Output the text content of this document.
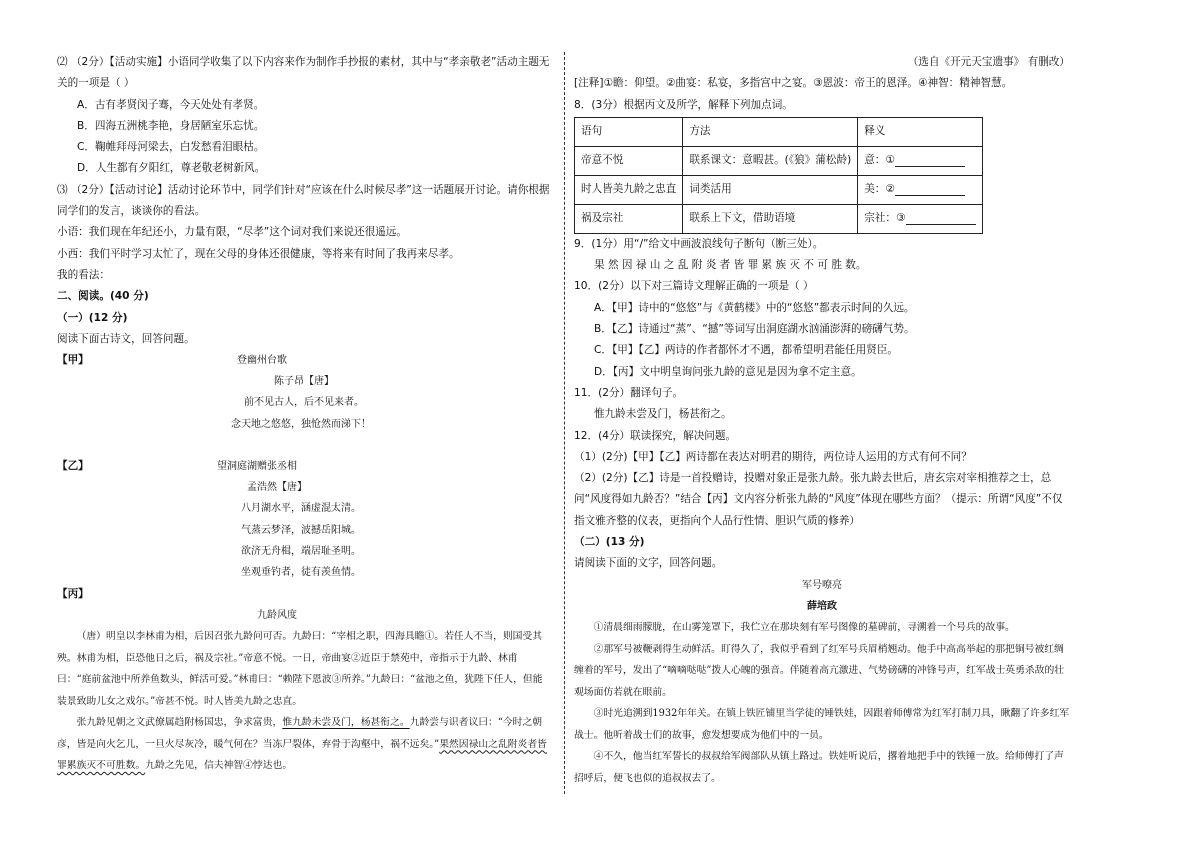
⑵ （2分）【活动实施】小语同学收集了以下内容来作为制作手抄报的素材，其中与“孝亲敬老”活动主题无

关的一项是（ ）

A．古有孝贤闵子骞，今天处处有孝贤。

B．四海五洲桃李艳，身居陋室乐忘忧。

C．鞠帷拜母河梁去，白发愁看泪眼枯。

D．人生都有夕阳红，尊老敬老树新风。

⑶ （2分）【活动讨论】活动讨论环节中，同学们针对“应该在什么时候尽孝”这一话题展开讨论。请你根据

同学们的发言，谈谈你的看法。

小语：我们现在年纪还小，力量有限，“尽孝”这个词对我们来说还很遥远。

小西：我们平时学习太忙了，现在父母的身体还很健康，等将来有时间了我再来尽孝。

我的看法：

二、阅读。(40 分)

（一）(12 分)

阅读下面古诗文，回答问题。

【甲】	登幽州台歌

陈子昂【唐】

前不见古人，后不见来者。

念天地之悠悠，独怆然而涕下！

【乙】	望洞庭湖赠张丞相

孟浩然【唐】

八月湖水平，涵虚混太清。

气蒸云梦泽，波撼岳阳城。

欲济无舟楫，端居耻圣明。

坐观垂钓者，徒有羡鱼情。

【丙】

九龄风度

（唐）明皇以李林甫为相，后因召张九龄问可否。九龄曰：“宰相之职，四海具瞻①。若任人不当，则国受其殃。林甫为相，臣恐他日之后，祸及宗社。”帝意不悦。一日，帝曲宴②近臣于禁苑中，帝指示于九龄、林甫曰：“庭前盆池中所养鱼数头，鲜活可爱。”林甫曰：“赖陛下恩波③所养。”九龄曰：“盆池之鱼，犹陛下任人，但能装景致助儿女之戏尔。”帝甚不悦。时人皆美九龄之忠直。

张九龄见朝之文武僚属趋附杨国忠，争求富贵，惟九龄未尝及门，杨甚衔之。九龄尝与识者议曰：“今时之朝彦，皆是向火乞儿，一旦火尽灰冷，暖气何在？当冻尸裂体，弃骨于沟壑中，祸不远矣。”果然因禄山之乱附炎者皆罪累族灭不可胜数。九龄之先见，信夫神智④悖达也。

（选自《开元天宝遗事》 有删改）

[注释]①瞻：仰望。②曲宴：私宴，多指宫中之宴。③恩波：帝王的恩泽。④神智：精神智慧。

8．(3分）根据丙文及所学，解释下列加点词。

语句	方法	释义
帝意不悦	联系课文：意暇甚。(《狼》蒲松龄)	意：①
时人皆美九龄之忠直	词类活用	美：②
祸及宗社	联系上下文，借助语境	宗社：③

9．(1分）用“/”给文中画波浪线句子断句（断三处）。

果 然 因 禄 山 之 乱 附 炎 者 皆 罪 累 族 灭 不 可 胜 数。

10．(2分）以下对三篇诗文理解正确的一项是（ ）

A．【甲】诗中的“悠悠”与《黄鹤楼》中的“悠悠”都表示时间的久远。

B．【乙】诗通过“蒸”、“撼”等词写出洞庭湖水汹涌澎湃的磅礴气势。

C．【甲】【乙】两诗的作者都怀才不遇，都希望明君能任用贤臣。

D．【丙】文中明皇询问张九龄的意见是因为拿不定主意。

11．(2分）翻译句子。

惟九龄未尝及门，杨甚衔之。

12．(4分）联读探究，解决问题。

（1）(2分)【甲】【乙】两诗都在表达对明君的期待，两位诗人运用的方式有何不同？

（2）(2分)【乙】诗是一首投赠诗，投赠对象正是张九龄。张九龄去世后，唐玄宗对宰相推荐之士，总问“风度得如九龄否？”结合【丙】文内容分析张九龄的“风度”体现在哪些方面？（提示：所谓“风度”不仅指文雅齐整的仪表，更指向个人品行性情、胆识气质的修养）

（二）(13 分)

请阅读下面的文字，回答问题。

军号嘹亮

薛培政

①清晨细雨朦胧，在山雾笼罩下，我伫立在那块刻有军号图像的墓碑前，寻溯着一个号兵的故事。

②那军号被鞭剥得生动鲜活。盯得久了，我似乎看到了红军号兵眉梢翘动。他手中高高举起的那把铜号被红绸缠着的军号，发出了“嘀嘀哒哒”拨人心魄的强音。伴随着高亢激进、气势磅礴的冲锋号声，红军战士英勇杀敌的壮观场面仿若就在眼前。

③时光追溯到1932年年关。在镇上铁匠铺里当学徒的锤铁娃，因跟着师傅常为红军打制刀具，瞅翻了许多红军战士。他听着战士们的故事，愈发想要成为他们中的一员。

④不久，他当红军誓长的叔叔给军阀部队从镇上路过。铁娃听说后，撂着地把手中的铁锤一放。给师傅打了声招呼后，便飞也似的追叔叔去了。
